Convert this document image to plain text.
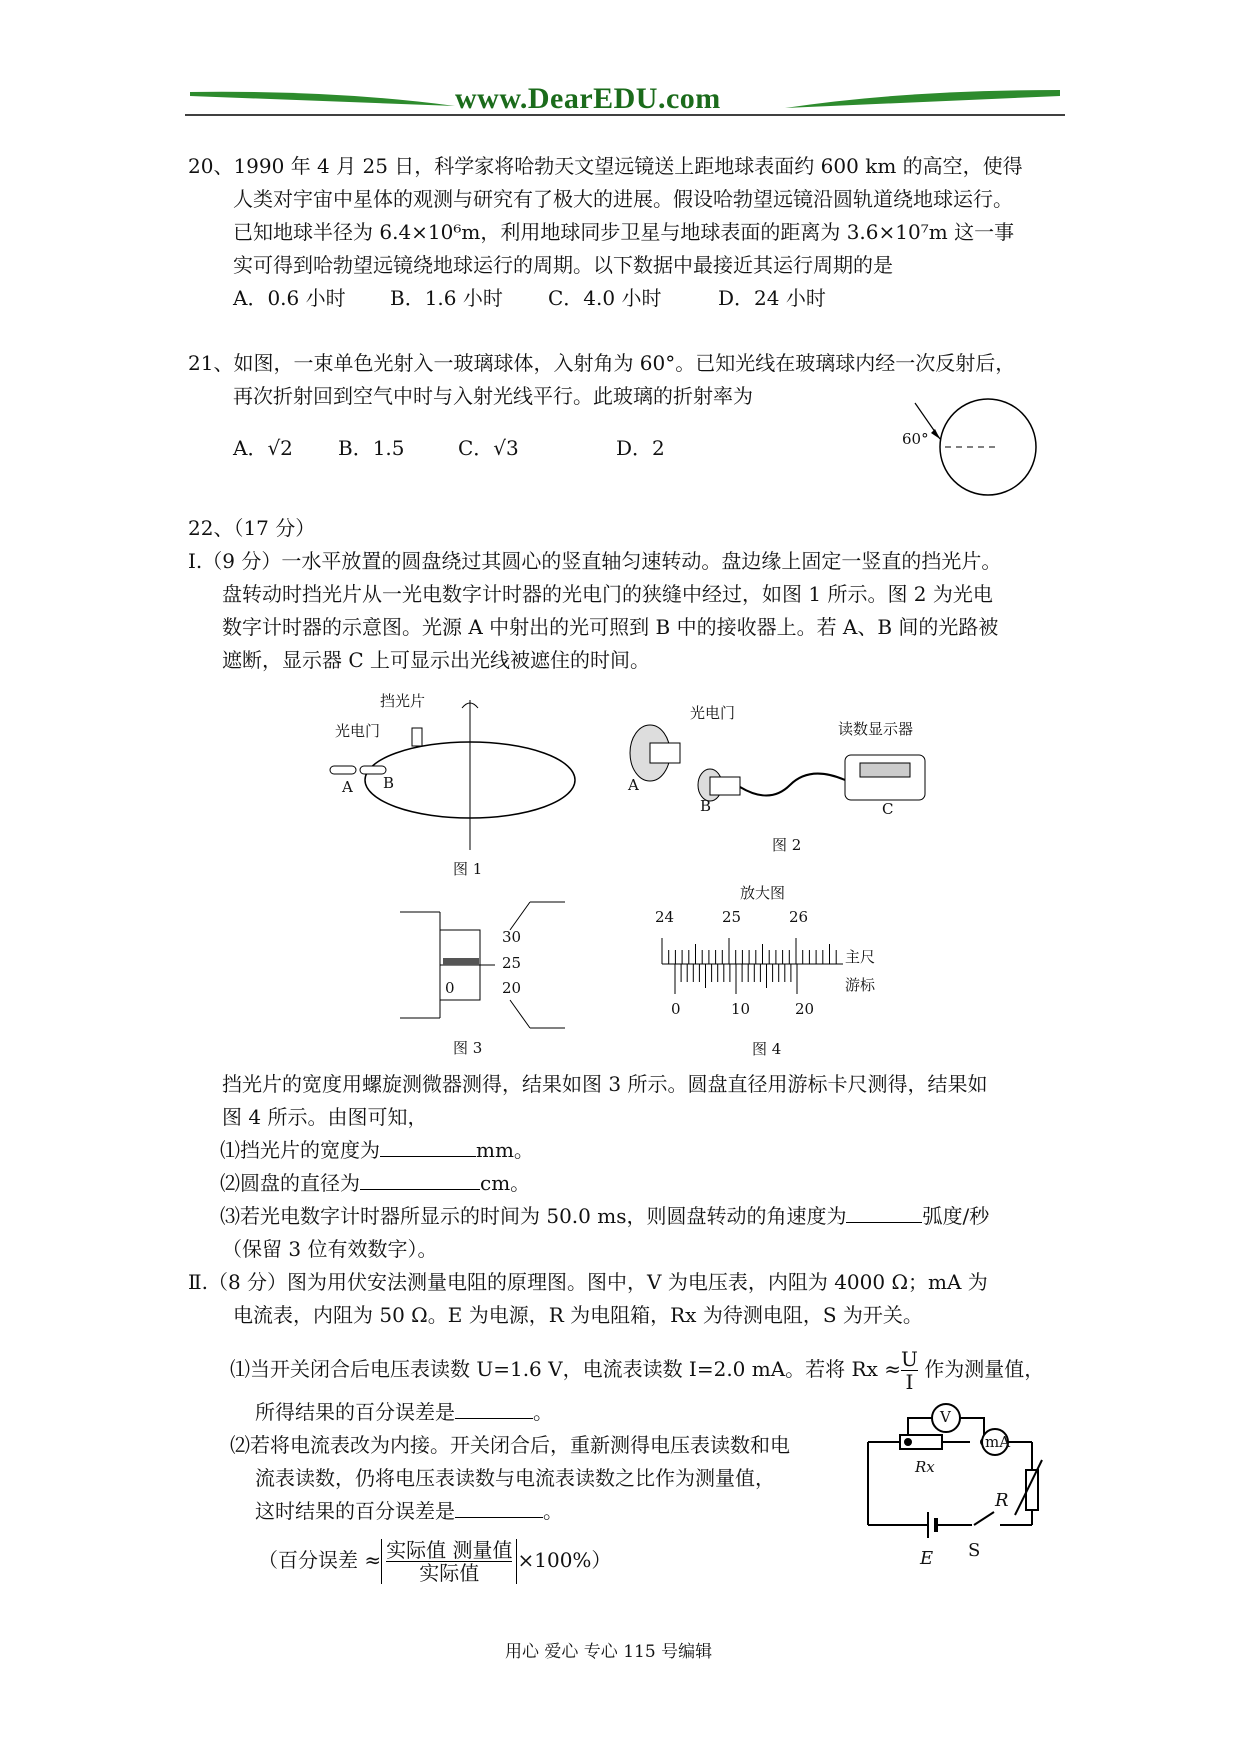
www.DearEDU.com
20、1990 年 4 月 25 日，科学家将哈勃天文望远镜送上距地球表面约 600 km 的高空，使得
人类对宇宙中星体的观测与研究有了极大的进展。假设哈勃望远镜沿圆轨道绕地球运行。
已知地球半径为 6.4×10⁶m，利用地球同步卫星与地球表面的距离为 3.6×10⁷m 这一事
实可得到哈勃望远镜绕地球运行的周期。以下数据中最接近其运行周期的是
A．0.6 小时 B．1.6 小时 C．4.0 小时	D．24 小时
21、如图，一束单色光射入一玻璃球体，入射角为 60°。已知光线在玻璃球内经一次反射后，
再次折射回到空气中时与入射光线平行。此玻璃的折射率为
A．√2 B．1.5	C．√3	D．2	60°
22、（17 分）
I.（9 分）一水平放置的圆盘绕过其圆心的竖直轴匀速转动。盘边缘上固定一竖直的挡光片。
盘转动时挡光片从一光电数字计时器的光电门的狭缝中经过，如图 1 所示。图 2 为光电
数字计时器的示意图。光源 A 中射出的光可照到 B 中的接收器上。若 A、B 间的光路被
遮断，显示器 C 上可显示出光线被遮住的时间。
挡光片
光电门
A B
图 1
光电门
读数显示器
A
B	C
图 2
30
25
20
0
图 3
放大图
24	25	26
主尺
游标
0	10	20
图 4
挡光片的宽度用螺旋测微器测得，结果如图 3 所示。圆盘直径用游标卡尺测得，结果如
图 4 所示。由图可知，
⑴挡光片的宽度为	mm。
⑵圆盘的直径为	cm。
⑶若光电数字计时器所显示的时间为 50.0 ms，则圆盘转动的角速度为	弧度/秒
（保留 3 位有效数字）。
Ⅱ.（8 分）图为用伏安法测量电阻的原理图。图中，V 为电压表，内阻为 4000 Ω；mA 为
电流表，内阻为 50 Ω。E 为电源，R 为电阻箱，Rx 为待测电阻，S 为开关。
⑴当开关闭合后电压表读数 U=1.6 V，电流表读数 I=2.0 mA。若将 $Rx \approx \frac{U}{I}$ 作为测量值，
所得结果的百分误差是	。
⑵若将电流表改为内接。开关闭合后，重新测得电压表读数和电
流表读数，仍将电压表读数与电流表读数之比作为测量值，
这时结果的百分误差是	。
（百分误差 ≈ $\frac{\text{实际值 测量值}}{\text{实际值}} \times 100\%$）
V
mA
Rx
R
E S
用心 爱心 专心 115 号编辑
